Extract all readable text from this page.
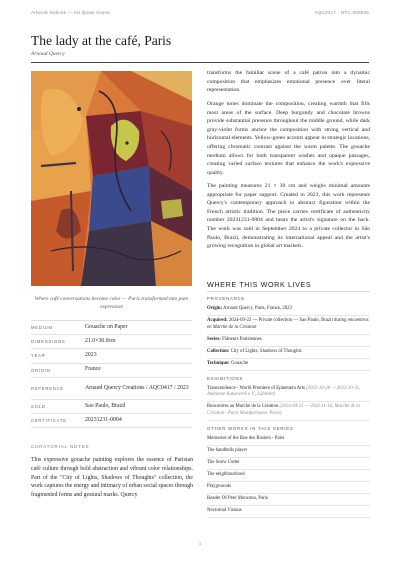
Artwork Notices — Art Quasi Anima	AQC0417 · NTC-000035
The lady at the café, Paris
Arnaud Quercy
Where café conversations become color — Paris transformed into pure expression
MEDIUM	Gouache on Paper
DIMENSIONS	21.0×30.0cm
YEAR	2023
ORIGIN	France
REFERENCE	Arnaud Quercy Creations / AQC0417 / 2023
SOLD	Sao Paulo, Brazil
CERTIFICATE	20231231-0004
CURATORIAL NOTES
This expressive gouache painting explores the essence of Parisian café culture through bold abstraction and vibrant color relationships. Part of the "City of Lights, Shadows of Thoughts" collection, the work captures the energy and intimacy of urban social spaces through fragmented forms and gestural marks. Quercy
transforms the familiar scene of a café patron into a dynamic composition that emphasizes emotional presence over literal representation.
Orange tones dominate the composition, creating warmth that fills most areas of the surface. Deep burgundy and chocolate browns provide substantial presence throughout the middle ground, while dark gray-violet forms anchor the composition with strong vertical and horizontal elements. Yellow-green accents appear in strategic locations, offering chromatic contrast against the warm palette. The gouache medium allows for both transparent washes and opaque passages, creating varied surface textures that enhance the work's expressive quality.
The painting measures 21 × 30 cm and weighs minimal amounts appropriate for paper support. Created in 2023, this work represents Quercy's contemporary approach to abstract figuration within the French artistic tradition. The piece carries certificate of authenticity number 20231231-0004 and bears the artist's signature on the back. The work was sold in September 2024 to a private collector in São Paulo, Brazil, demonstrating its international appeal and the artist's growing recognition in global art markets.
WHERE THIS WORK LIVES
PROVENANCE
Origin: Arnaud Quercy, Paris, France, 2023
Acquired: 2024-09-22 — Private collection — Sao Paulo, Brazil during encuentros en Marche de la Création
Series: Flâneurs Parisiennes
Collection: City of Lights, Shadows of Thoughts
Technique: Gouache
EXHIBITIONS
Transcendence - World Premiere of Ephemera Arts (2023-10-28 — 2023-10-31, Ambiente Kunstwerk e.V., Lübbeke)
Rencontres au Marché de la Création (2024-04-21 — 2024-11-16, Marché de la Création - Paris Montparnasse, Paris)
OTHER WORKS IN THIS SERIES
Memories of the Rue des Rosiers - Paris
The handbells player
The Snow Cutter
The neighbourhood
Playgrounds
Reader Of Pere Moncenu, Paris
Nocturnal Visions
1
